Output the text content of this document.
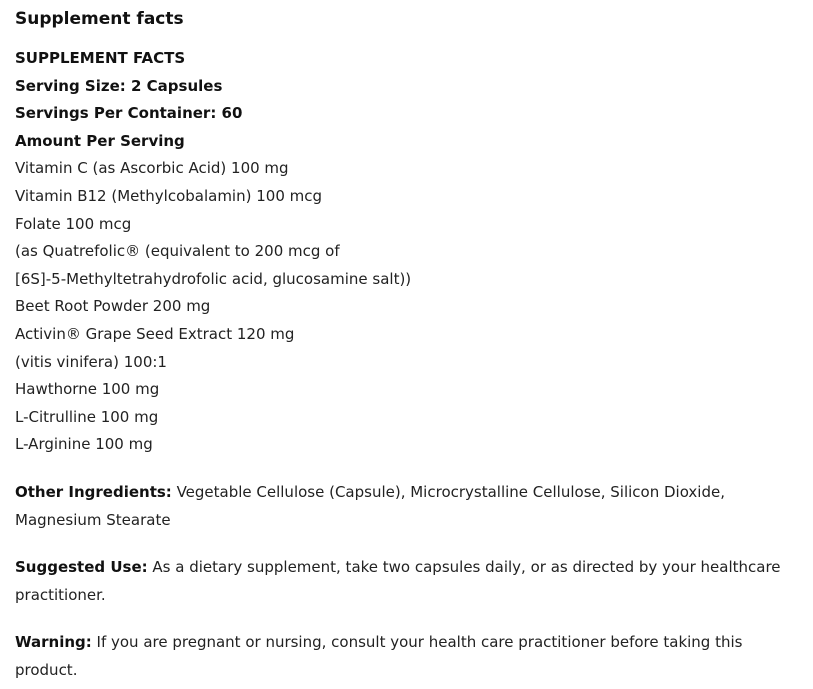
Supplement facts
SUPPLEMENT FACTS
Serving Size: 2 Capsules
Servings Per Container: 60
Amount Per Serving
Vitamin C (as Ascorbic Acid) 100 mg
Vitamin B12 (Methylcobalamin) 100 mcg
Folate 100 mcg
(as Quatrefolic® (equivalent to 200 mcg of
[6S]-5-Methyltetrahydrofolic acid, glucosamine salt))
Beet Root Powder 200 mg
Activin® Grape Seed Extract 120 mg
(vitis vinifera) 100:1
Hawthorne 100 mg
L-Citrulline 100 mg
L-Arginine 100 mg

Other Ingredients: Vegetable Cellulose (Capsule), Microcrystalline Cellulose, Silicon Dioxide, Magnesium Stearate

Suggested Use: As a dietary supplement, take two capsules daily, or as directed by your healthcare practitioner.

Warning: If you are pregnant or nursing, consult your health care practitioner before taking this product.
